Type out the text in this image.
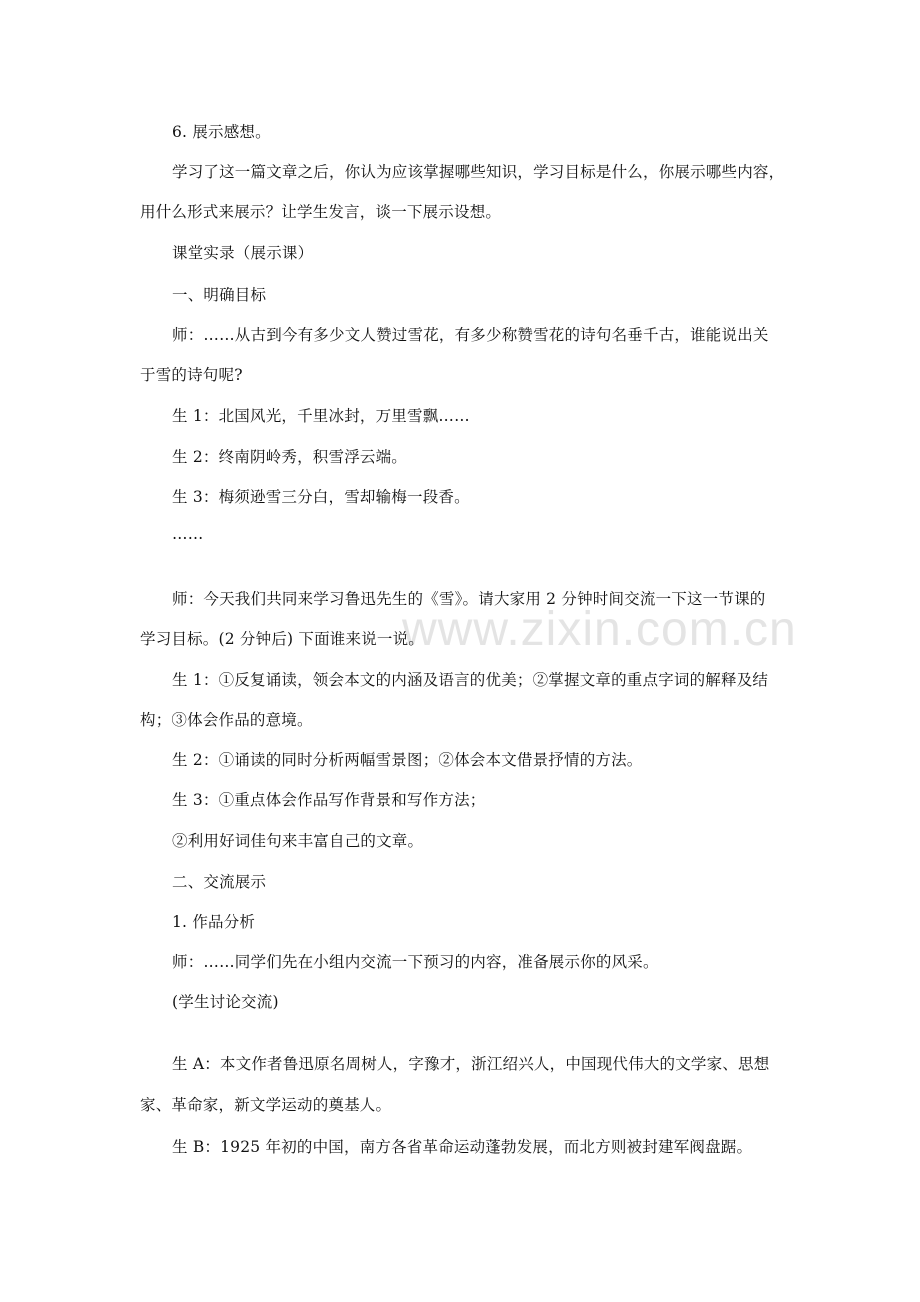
www.zixin.com.cn
6. 展示感想。
学习了这一篇文章之后，你认为应该掌握哪些知识，学习目标是什么，你展示哪些内容，
用什么形式来展示？让学生发言，谈一下展示设想。
课堂实录（展示课）
一、明确目标
师：……从古到今有多少文人赞过雪花，有多少称赞雪花的诗句名垂千古，谁能说出关
于雪的诗句呢?
生 1：北国风光，千里冰封，万里雪飘……
生 2：终南阴岭秀，积雪浮云端。
生 3：梅须逊雪三分白，雪却输梅一段香。
……
师：今天我们共同来学习鲁迅先生的《雪》。请大家用 2 分钟时间交流一下这一节课的
学习目标。(2 分钟后) 下面谁来说一说。
生 1：①反复诵读，领会本文的内涵及语言的优美；②掌握文章的重点字词的解释及结
构；③体会作品的意境。
生 2：①诵读的同时分析两幅雪景图；②体会本文借景抒情的方法。
生 3：①重点体会作品写作背景和写作方法；
②利用好词佳句来丰富自己的文章。
二、交流展示
1. 作品分析
师：……同学们先在小组内交流一下预习的内容，准备展示你的风采。
(学生讨论交流)
生 A：本文作者鲁迅原名周树人，字豫才，浙江绍兴人，中国现代伟大的文学家、思想
家、革命家，新文学运动的奠基人。
生 B：1925 年初的中国，南方各省革命运动蓬勃发展，而北方则被封建军阀盘踞。
